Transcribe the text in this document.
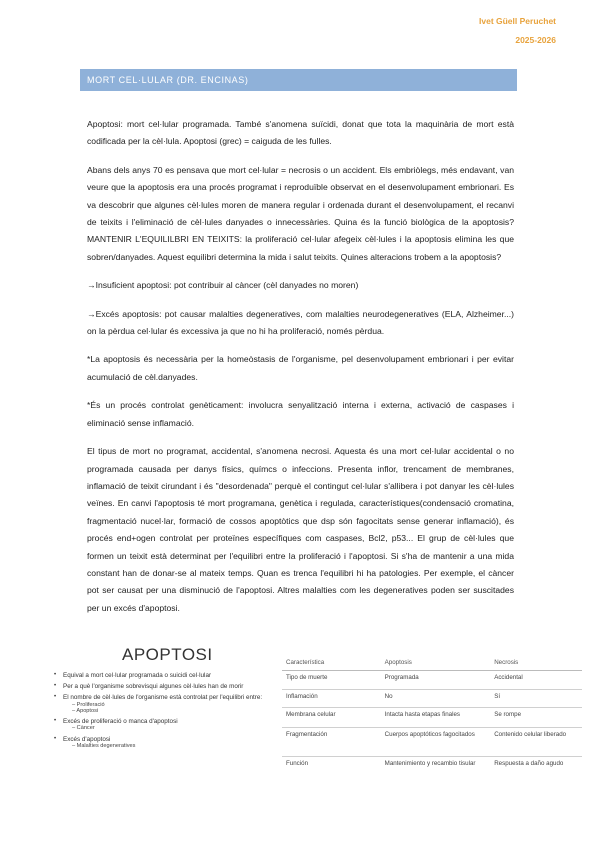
Ivet Güell Peruchet
2025-2026
MORT CEL·LULAR (DR. ENCINAS)

Apoptosi: mort cel·lular programada. També s'anomena suïcidi, donat que tota la maquinària de mort està codificada per la cèl·lula. Apoptosi (grec) = caiguda de les fulles.

Abans dels anys 70 es pensava que mort cel·lular = necrosis o un accident. Els embriòlegs, més endavant, van veure que la apoptosis era una procés programat i reproduïble observat en el desenvolupament embrionari. Es va descobrir que algunes cèl·lules moren de manera regular i ordenada durant el desenvolupament, el recanvi de teixits i l'eliminació de cèl·lules danyades o innecessàries. Quina és la funció biològica de la apoptosis? MANTENIR L'EQUILILBRI EN TEIXITS: la proliferació cel·lular afegeix cèl·lules i la apoptosis elimina les que sobren/danyades. Aquest equilibri determina la mida i salut teixits. Quines alteracions trobem a la apoptosis?

→Insuficient apoptosi: pot contribuir al càncer (cèl danyades no moren)

→Excés apoptosis: pot causar malalties degeneratives, com malalties neurodegeneratives (ELA, Alzheimer...) on la pèrdua cel·lular és excessiva ja que no hi ha proliferació, només pèrdua.

*La apoptosis és necessària per la homeòstasis de l'organisme, pel desenvolupament embrionari i per evitar acumulació de cèl.danyades.

*És un procés controlat genèticament: involucra senyalització interna i externa, activació de caspases i eliminació sense inflamació.

El tipus de mort no programat, accidental, s'anomena necrosi. Aquesta és una mort cel·lular accidental o no programada causada per danys físics, químcs o infeccions. Presenta inflor, trencament de membranes, inflamació de teixit cirundant i és "desordenada" perquè el contingut cel·lular s'allibera i pot danyar les cèl·lules veïnes. En canvi l'apoptosis té mort programana, genètica i regulada, característiques(condensació cromatina, fragmentació nucel·lar, formació de cossos apoptòtics que dsp són fagocitats sense generar inflamació), és procés end+ogen controlat per proteïnes específiques com caspases, Bcl2, p53... El grup de cèl·lules que formen un teixit està determinat per l'equilibri entre la proliferació i l'apoptosi. Si s'ha de mantenir a una mida constant han de donar-se al mateix temps. Quan es trenca l'equilibri hi ha patologies. Per exemple, el càncer pot ser causat per una disminució de l'apoptosi. Altres malalties com les degeneratives poden ser suscitades per un excés d'apoptosi.

APOPTOSI
• Equival a mort cel·lular programada o suicidi cel·lular
• Per a què l'organisme sobrevisqui algunes cèl·lules han de morir
• El nombre de cèl·lules de l'organisme està controlat per l'equilibri entre:
– Proliferació
– Apoptosi
• Excés de proliferació o manca d'apoptosi
– Càncer
• Excés d'apoptosi
– Malalties degeneratives
Característica	Apoptosis	Necrosis
Tipo de muerte	Programada	Accidental
Inflamación	No	Sí
Membrana celular	Intacta hasta etapas finales	Se rompe
Fragmentación	Cuerpos apoptóticos fagocitados	Contenido celular liberado
Función	Mantenimiento y recambio tisular	Respuesta a daño agudo
